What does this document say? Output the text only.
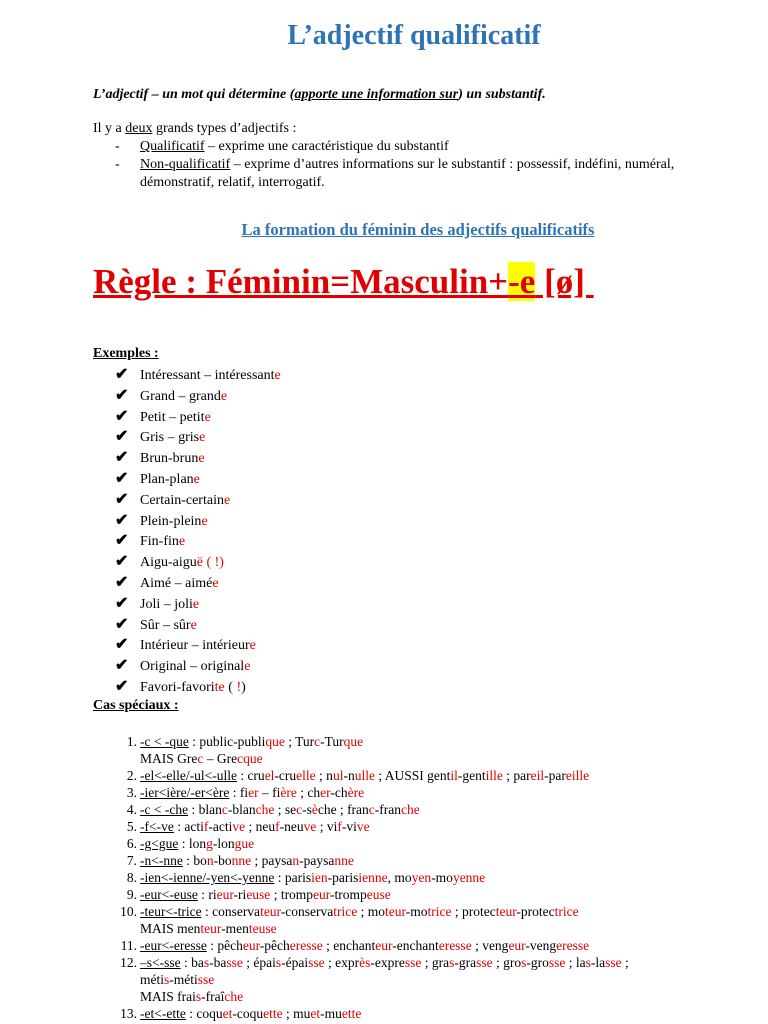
L’adjectif qualificatif
L’adjectif – un mot qui détermine (apporte une information sur) un substantif.
Il y a deux grands types d’adjectifs :
- Qualificatif – exprime une caractéristique du substantif
- Non-qualificatif – exprime d’autres informations sur le substantif : possessif, indéfini, numéral, démonstratif, relatif, interrogatif.
La formation du féminin des adjectifs qualificatifs
Règle : Féminin=Masculin+-e [ø]
Exemples :
✔ Intéressant – intéressante
✔ Grand – grande
✔ Petit – petite
✔ Gris – grise
✔ Brun-brune
✔ Plan-plane
✔ Certain-certaine
✔ Plein-pleine
✔ Fin-fine
✔ Aigu-aiguë ( !)
✔ Aimé – aimée
✔ Joli – jolie
✔ Sûr – sûre
✔ Intérieur – intérieure
✔ Original – originale
✔ Favori-favorite ( !)
Cas spéciaux :
1. -c < -que : public-publique ; Turc-Turque
MAIS Grec – Grecque
2. -el<-elle/-ul<-ulle : cruel-cruelle ; nul-nulle ; AUSSI gentil-gentille ; pareil-pareille
3. -ier<ière/-er<ère : fier – fière ; cher-chère
4. -c < -che : blanc-blanche ; sec-sèche ; franc-franche
5. -f<-ve : actif-active ; neuf-neuve ; vif-vive
6. -g<gue : long-longue
7. -n<-nne : bon-bonne ; paysan-paysanne
8. -ien<-ienne/-yen<-yenne : parisien-parisienne, moyen-moyenne
9. -eur<-euse : rieur-rieuse ; trompeur-trompeuse
10. -teur<-trice : conservateur-conservatrice ; moteur-motrice ; protecteur-protectrice
MAIS menteur-menteuse
11. -eur<-eresse : pêcheur-pêcheresse ; enchanteur-enchanteresse ; vengeur-vengeresse
12. –s<-sse : bas-basse ; épais-épaisse ; exprès-expresse ; gras-grasse ; gros-grosse ; las-lasse ;
métis-métisse
MAIS frais-fraîche
13. -et<-ette : coquet-coquette ; muet-muette
